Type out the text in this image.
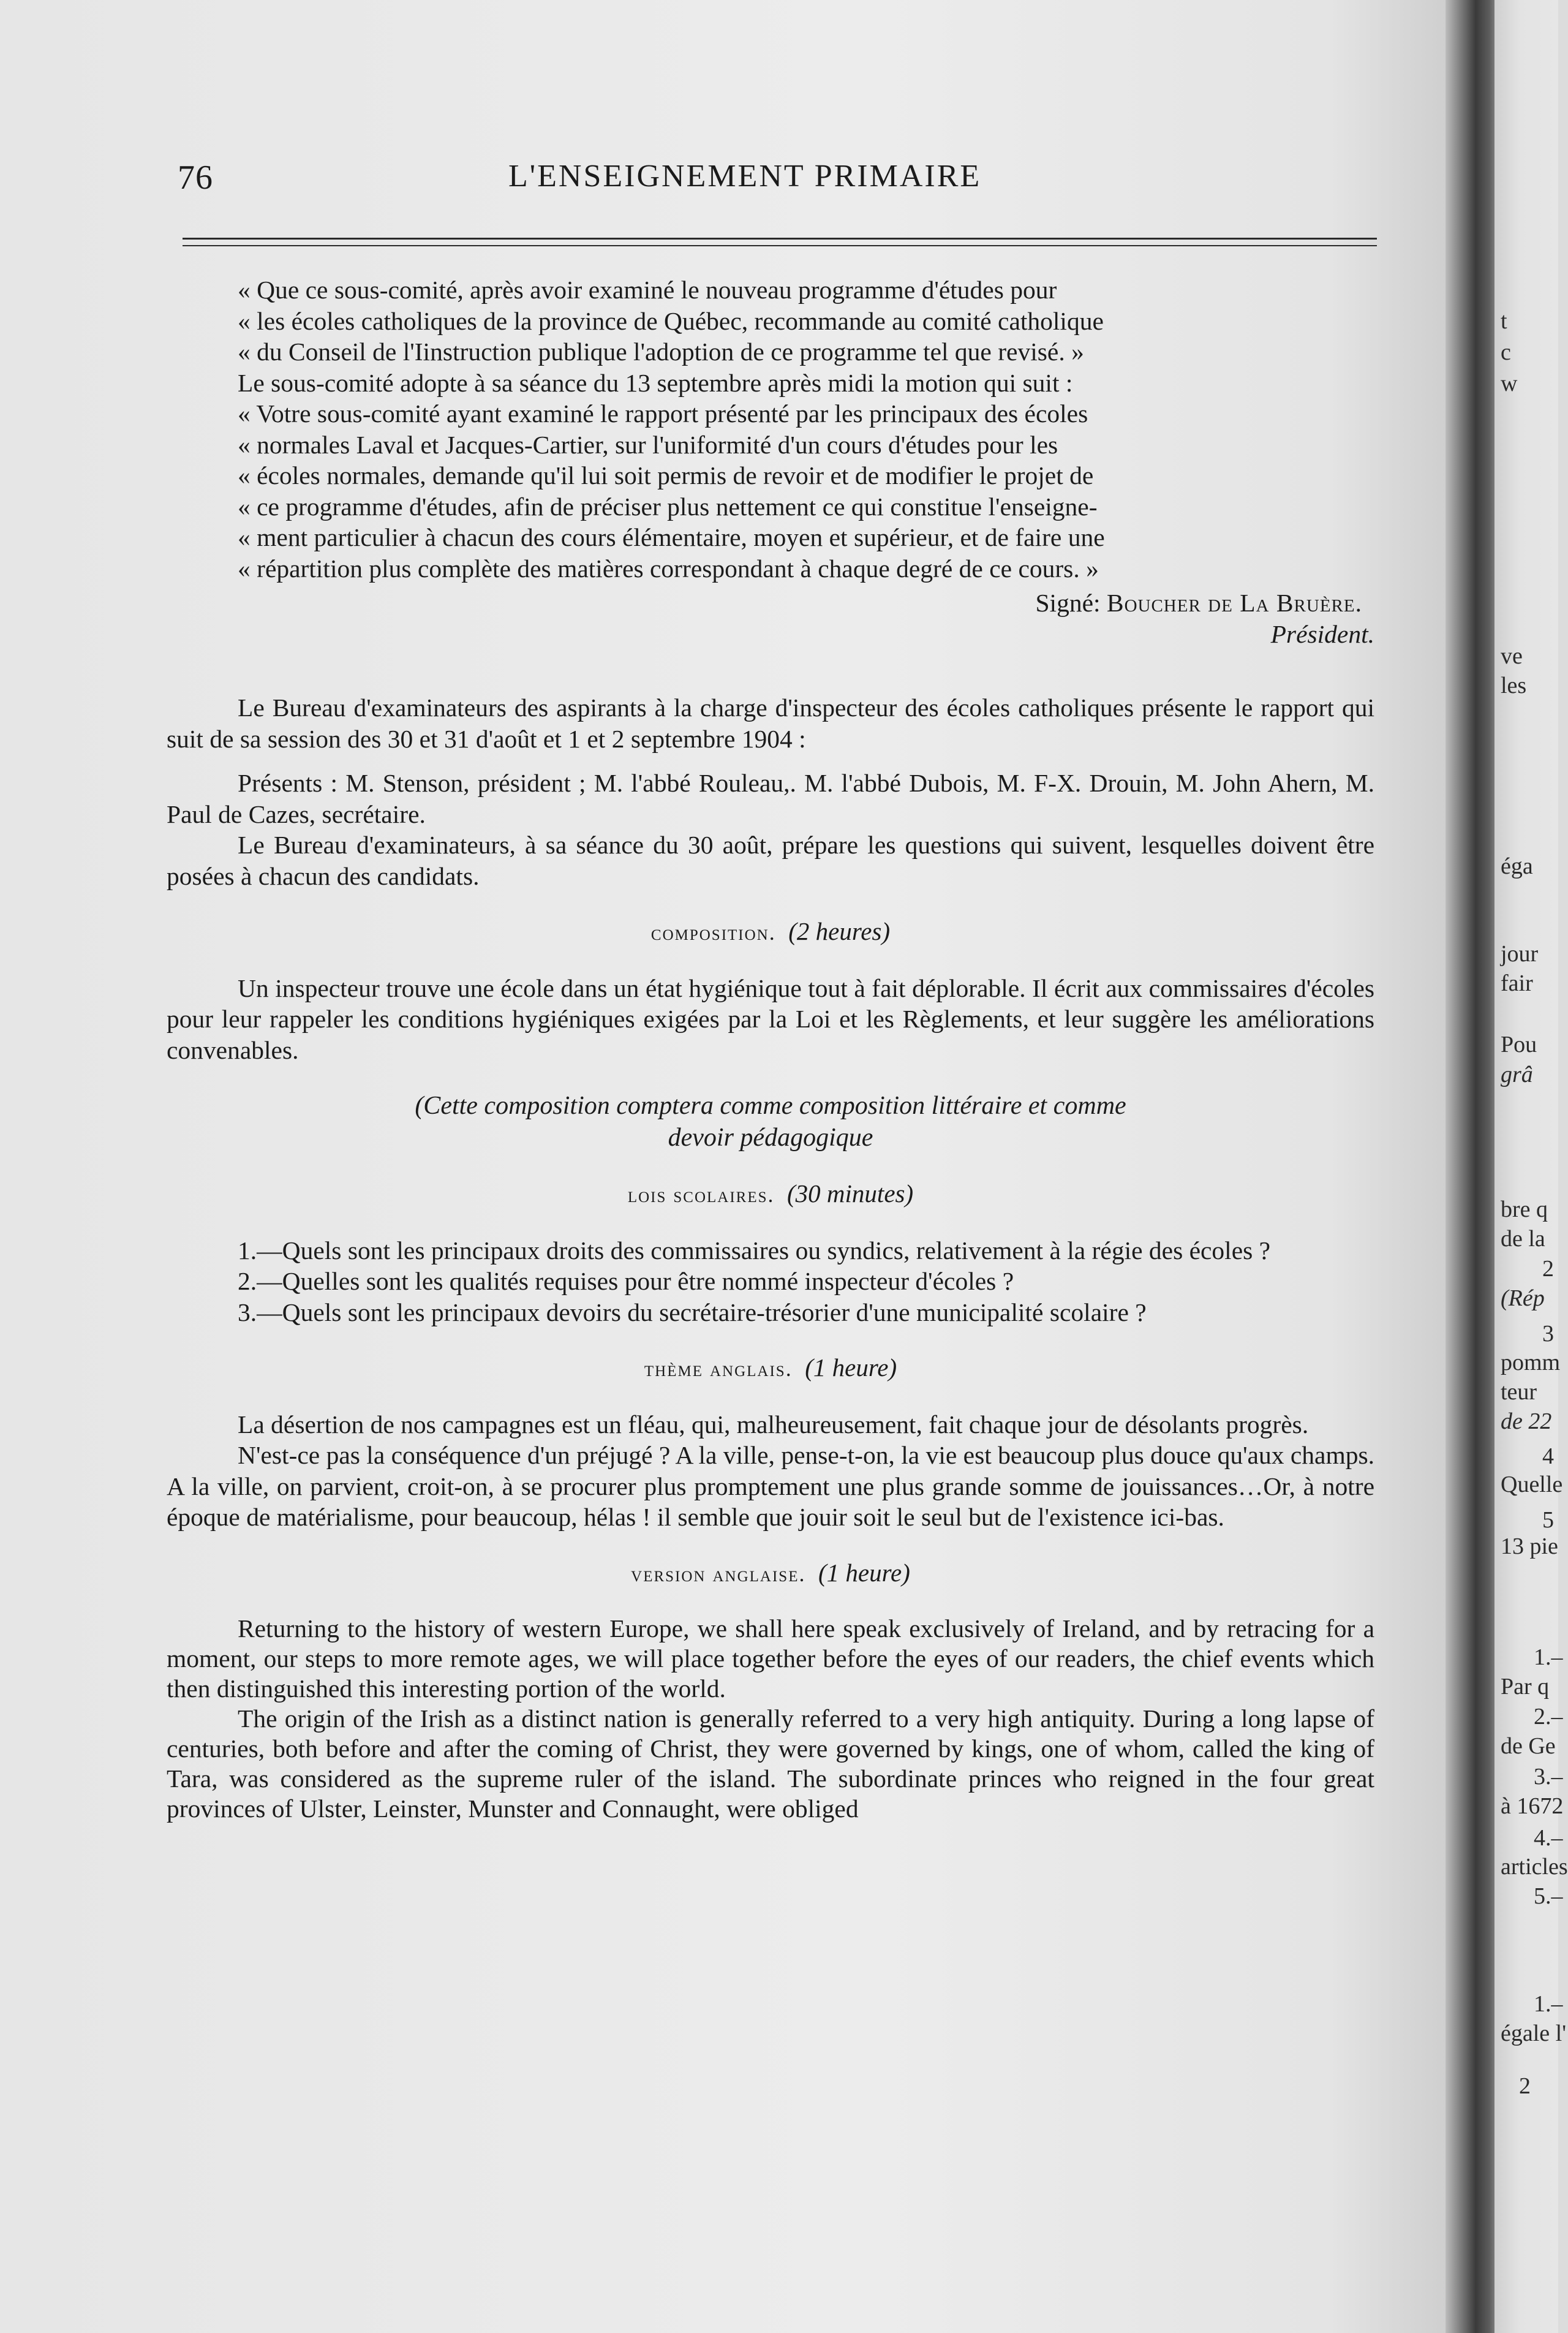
76	L'ENSEIGNEMENT PRIMAIRE

« Que ce sous-comité, après avoir examiné le nouveau programme d'études pour

« les écoles catholiques de la province de Québec, recommande au comité catholique

« du Conseil de l'Iinstruction publique l'adoption de ce programme tel que revisé. »

Le sous-comité adopte à sa séance du 13 septembre après midi la motion qui suit :

« Votre sous-comité ayant examiné le rapport présenté par les principaux des écoles

« normales Laval et Jacques-Cartier, sur l'uniformité d'un cours d'études pour les

« écoles normales, demande qu'il lui soit permis de revoir et de modifier le projet de

« ce programme d'études, afin de préciser plus nettement ce qui constitue l'enseigne-

« ment particulier à chacun des cours élémentaire, moyen et supérieur, et de faire une

« répartition plus complète des matières correspondant à chaque degré de ce cours. »

Signé: Boucher de La Bruère.

Président.

Le Bureau d'examinateurs des aspirants à la charge d'inspecteur des écoles catholiques présente le rapport qui suit de sa session des 30 et 31 d'août et 1 et 2 septembre 1904 :

Présents : M. Stenson, président ; M. l'abbé Rouleau,. M. l'abbé Dubois, M. F-X. Drouin, M. John Ahern, M. Paul de Cazes, secrétaire.

Le Bureau d'examinateurs, à sa séance du 30 août, prépare les questions qui suivent, lesquelles doivent être posées à chacun des candidats.

composition. (2 heures)

Un inspecteur trouve une école dans un état hygiénique tout à fait déplorable. Il écrit aux commissaires d'écoles pour leur rappeler les conditions hygiéniques exigées par la Loi et les Règlements, et leur suggère les améliorations convenables.

(Cette composition comptera comme composition littéraire et comme

devoir pédagogique

lois scolaires. (30 minutes)

1.—Quels sont les principaux droits des commissaires ou syndics, relativement à la régie des écoles ?

2.—Quelles sont les qualités requises pour être nommé inspecteur d'écoles ?

3.—Quels sont les principaux devoirs du secrétaire-trésorier d'une municipalité scolaire ?

thème anglais. (1 heure)

La désertion de nos campagnes est un fléau, qui, malheureusement, fait chaque jour de désolants progrès.

N'est-ce pas la conséquence d'un préjugé ? A la ville, pense-t-on, la vie est beaucoup plus douce qu'aux champs. A la ville, on parvient, croit-on, à se procurer plus promptement une plus grande somme de jouissances…Or, à notre époque de matérialisme, pour beaucoup, hélas ! il semble que jouir soit le seul but de l'existence ici-bas.

version anglaise. (1 heure)

Returning to the history of western Europe, we shall here speak exclusively of Ireland, and by retracing for a moment, our steps to more remote ages, we will place together before the eyes of our readers, the chief events which then distinguished this interesting portion of the world.

The origin of the Irish as a distinct nation is generally referred to a very high antiquity. During a long lapse of centuries, both before and after the coming of Christ, they were governed by kings, one of whom, called the king of Tara, was considered as the supreme ruler of the island. The subordinate princes who reigned in the four great provinces of Ulster, Leinster, Munster and Connaught, were obliged

t
c
w
ve
les
éga
jour
fair
Pou
grâ
bre q
de la
2
(Rép
3
pomm
teur
de 22
4
Quelle
5
13 pie
1.–
Par q
2.–
de Ge
3.–
à 1672
4.–
articles
5.–
1.–
égale l'
2
